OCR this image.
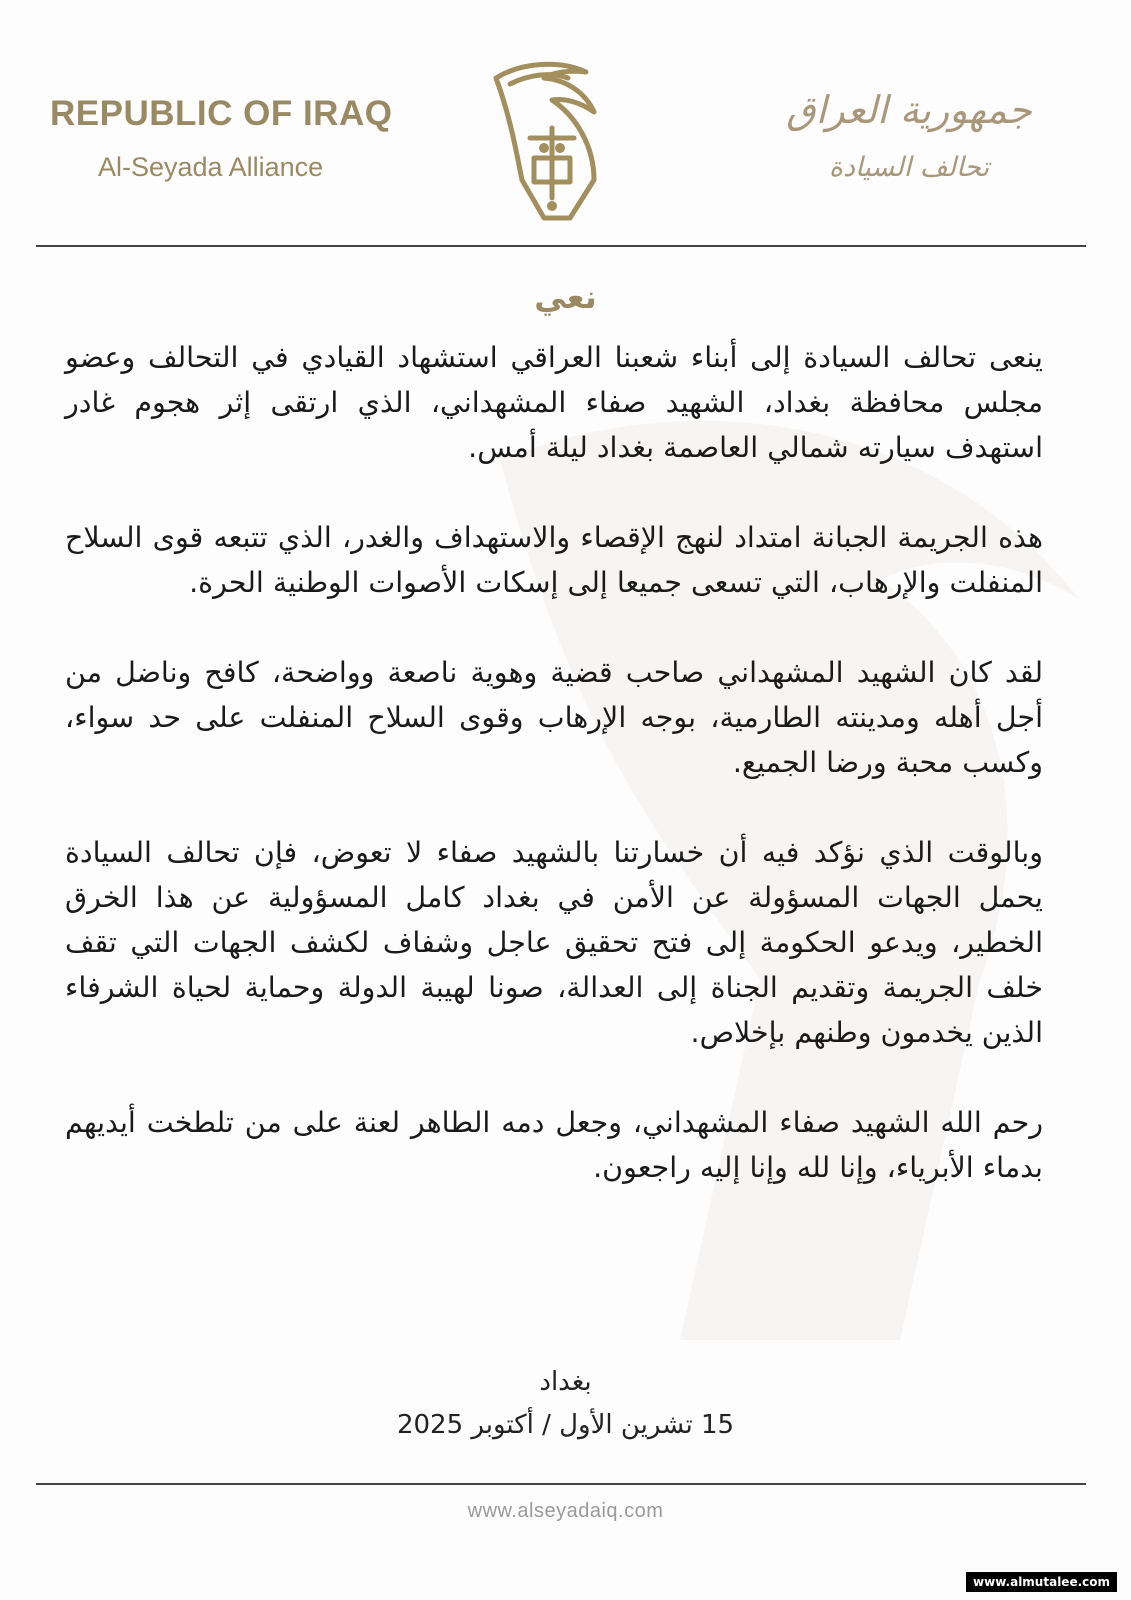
REPUBLIC OF IRAQ
Al-Seyada Alliance
جمهورية العراق
تحالف السيادة
نعي

ينعى تحالف السيادة إلى أبناء شعبنا العراقي استشهاد القيادي في التحالف وعضو مجلس محافظة بغداد، الشهيد صفاء المشهداني، الذي ارتقى إثر هجوم غادر استهدف سيارته شمالي العاصمة بغداد ليلة أمس.

هذه الجريمة الجبانة امتداد لنهج الإقصاء والاستهداف والغدر، الذي تتبعه قوى السلاح المنفلت والإرهاب، التي تسعى جميعا إلى إسكات الأصوات الوطنية الحرة.

لقد كان الشهيد المشهداني صاحب قضية وهوية ناصعة وواضحة، كافح وناضل من أجل أهله ومدينته الطارمية، بوجه الإرهاب وقوى السلاح المنفلت على حد سواء، وكسب محبة ورضا الجميع.

وبالوقت الذي نؤكد فيه أن خسارتنا بالشهيد صفاء لا تعوض، فإن تحالف السيادة يحمل الجهات المسؤولة عن الأمن في بغداد كامل المسؤولية عن هذا الخرق الخطير، ويدعو الحكومة إلى فتح تحقيق عاجل وشفاف لكشف الجهات التي تقف خلف الجريمة وتقديم الجناة إلى العدالة، صونا لهيبة الدولة وحماية لحياة الشرفاء الذين يخدمون وطنهم بإخلاص.

رحم الله الشهيد صفاء المشهداني، وجعل دمه الطاهر لعنة على من تلطخت أيديهم بدماء الأبرياء، وإنا لله وإنا إليه راجعون.

بغداد
15 تشرين الأول / أكتوبر 2025
www.alseyadaiq.com
www.almutalee.com
